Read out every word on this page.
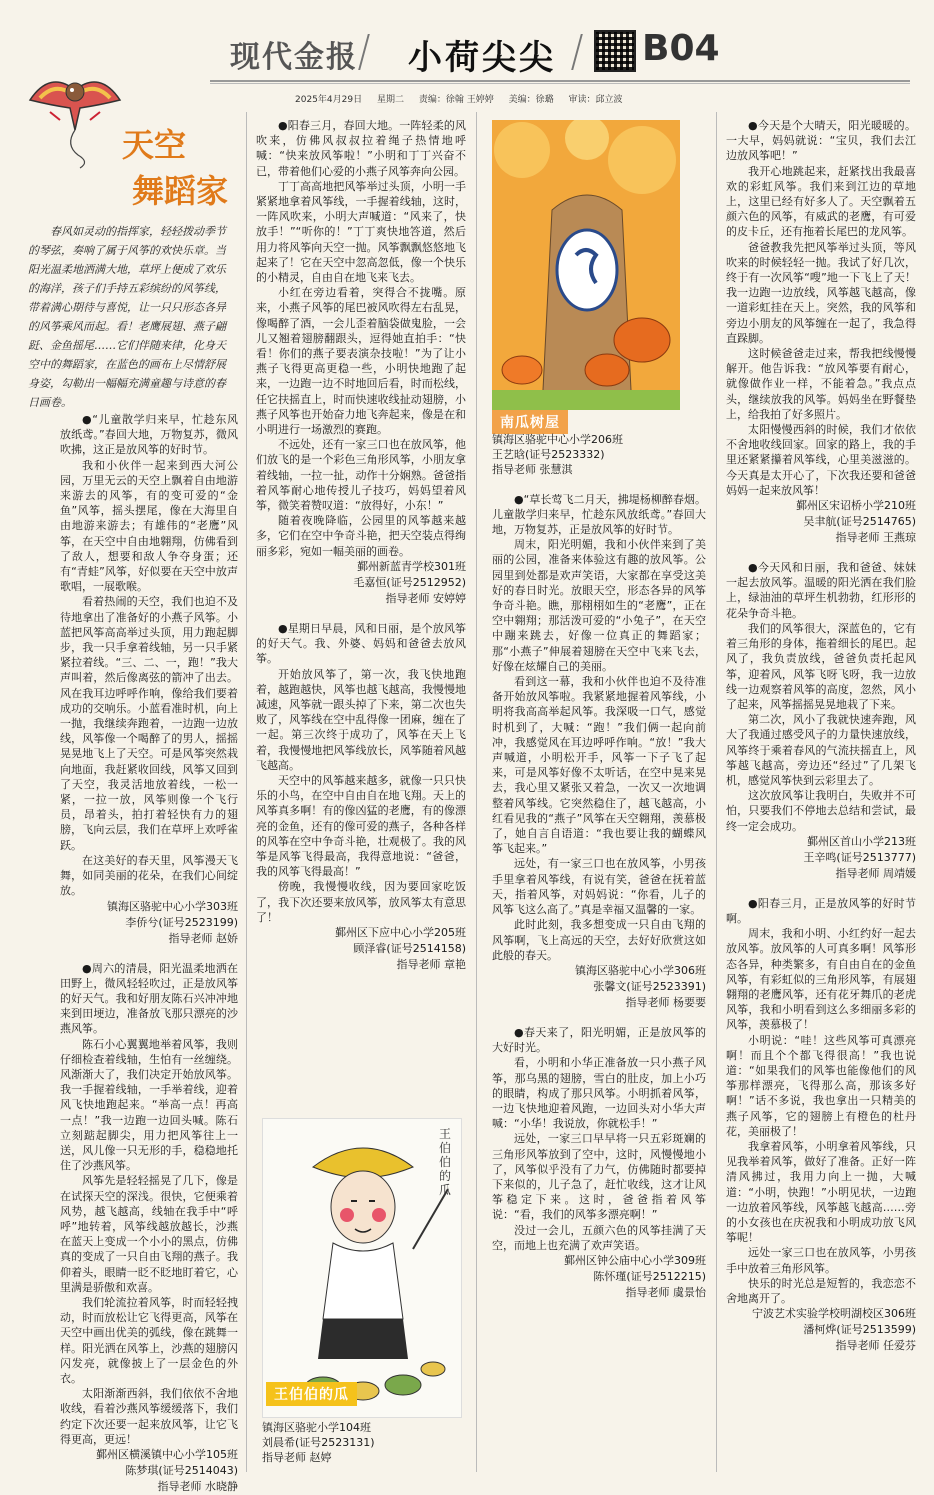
现代金报 小荷尖尖 B04
2025年4月29日 星期二 责编：徐翰 王婷婷 美编：徐璐 审读：邱立波
天空
舞蹈家
春风如灵动的指挥家，轻轻拨动季节的琴弦，奏响了属于风筝的欢快乐章。当阳光温柔地洒满大地，草坪上便成了欢乐的海洋，孩子们手持五彩缤纷的风筝线，带着满心期待与喜悦，让一只只形态各异的风筝乘风而起。看！老鹰展翅、燕子翩跹、金鱼摇尾……它们伴随来律，化身天空中的舞蹈家，在蓝色的画布上尽情舒展身姿，勾勒出一幅幅充满童趣与诗意的春日画卷。

●“儿童散学归来早，忙趁东风放纸鸢。”春回大地，万物复苏，微风吹拂，这正是放风筝的好时节。

我和小伙伴一起来到西大河公园，万里无云的天空上飘着自由地游来游去的风筝，有的变可爱的“金鱼”风筝，摇头摆尾，像在大海里自由地游来游去；有雄伟的“老鹰”风筝，在天空中自由地翱翔，仿佛看到了敌人，想要和敌人争夺身蛋；还有“青蛙”风筝，好似要在天空中放声歌唱，一展歌喉。

看着热闹的天空，我们也迫不及待地拿出了准备好的小燕子风筝。小蓝把风筝高高举过头顶，用力跑起脚步，我一只手拿着线轴，另一只手紧紧拉着线。“三、二、一，跑！”我大声叫着，然后像离弦的箭冲了出去。风在我耳边呼呼作响，像给我们要着成功的交响乐。小蓝看准时机，向上一抛，我继续奔跑着，一边跑一边放线，风筝像一个喝醉了的男人，摇摇晃晃地飞上了天空。可是风筝突然栽向地面，我赶紧收回线，风筝又回到了天空，我灵活地放着线，一松一紧，一拉一放，风筝则像一个飞行员，昂着头，拍打着轻快有力的翅膀，飞向云层，我们在草坪上欢呼雀跃。

在这美好的春天里，风筝漫天飞舞，如同美丽的花朵，在我们心间绽放。

镇海区骆驼中心小学303班
李侨兮(证号2523199)
指导老师 赵娇

●周六的清晨，阳光温柔地洒在田野上，微风轻轻吹过，正是放风筝的好天气。我和好朋友陈石兴冲冲地来到田埂边，准备放飞那只漂亮的沙燕风筝。

陈石小心翼翼地举着风筝，我则仔细检查着线轴，生怕有一丝缠绕。风渐渐大了，我们决定开始放风筝。我一手握着线轴，一手举着线，迎着风飞快地跑起来。“举高一点！再高一点！”我一边跑一边回头喊。陈石立刻踮起脚尖，用力把风筝往上一送，风儿像一只无形的手，稳稳地托住了沙燕风筝。

风筝先是轻轻摇晃了几下，像是在试探天空的深浅。很快，它便乘着风势，越飞越高，线轴在我手中“呼呼”地转着，风筝线越放越长，沙燕在蓝天上变成一个小小的黑点，仿佛真的变成了一只自由飞翔的燕子。我仰着头，眼睛一眨不眨地盯着它，心里满是骄傲和欢喜。

我们轮流拉着风筝，时而轻轻拽动，时而放松让它飞得更高，风筝在天空中画出优美的弧线，像在跳舞一样。阳光洒在风筝上，沙燕的翅膀闪闪发亮，就像披上了一层金色的外衣。

太阳渐渐西斜，我们依依不舍地收线，看着沙燕风筝缓缓落下，我们约定下次还要一起来放风筝，让它飞得更高，更远！

鄞州区横溪镇中心小学105班
陈梦琪(证号2514043)
指导老师 水晓静

●阳春三月，春回大地。一阵轻柔的风吹来，仿佛风叔叔拉着绳子热情地呼喊：“快来放风筝啦！”小明和丁丁兴奋不已，带着他们心爱的小燕子风筝奔向公园。

丁丁高高地把风筝举过头顶，小明一手紧紧地拿着风筝线，一手握着线轴，这时，一阵风吹来，小明大声喊道：“风来了，快放手！”“听你的！”丁丁爽快地答道，然后用力将风筝向天空一抛。风筝飘飘悠悠地飞起来了！它在天空中忽高忽低，像一个快乐的小精灵，自由自在地飞来飞去。

小红在旁边看着，突得合不拢嘴。原来，小燕子风筝的尾巴被风吹得左右乱晃，像喝醉了酒，一会儿歪着脑袋做鬼脸，一会儿又翘着翅膀翻跟头，逗得她直拍手：“快看！你们的燕子要表演杂技啦！”为了让小燕子飞得更高更稳一些，小明快地跑了起来，一边跑一边不时地回后看，时而松线，任它扶摇直上，时而快速收线扯动翅膀，小燕子风筝也开始奋力地飞奔起来，像是在和小明进行一场激烈的赛跑。

不远处，还有一家三口也在放风筝，他们放飞的是一个彩色三角形风筝，小朋友拿着线轴，一拉一扯，动作十分娴熟。爸爸指着风筝耐心地传授儿子技巧，妈妈望着风筝，微笑着赞叹道：“放得好，小东！”

随着夜晚降临，公园里的风筝越来越多，它们在空中争奇斗艳，把天空装点得绚丽多彩，宛如一幅美丽的画卷。

鄞州新蓝青学校301班
毛嘉恒(证号2512952)
指导老师 安婷婷

●星期日早晨，风和日丽，是个放风筝的好天气。我、外婆、妈妈和爸爸去放风筝。

开始放风筝了，第一次，我飞快地跑着，越跑越快，风筝也越飞越高，我慢慢地减速，风筝就一跟头掉了下来，第二次也失败了，风筝线在空中乱得像一团麻，缠在了一起。第三次终于成功了，风筝在天上飞着，我慢慢地把风筝线放长，风筝随着风越飞越高。

天空中的风筝越来越多，就像一只只快乐的小鸟，在空中自由自在地飞翔。天上的风筝真多啊！有的像凶猛的老鹰，有的像漂亮的金鱼，还有的像可爱的燕子，各种各样的风筝在空中争奇斗艳，壮观极了。我的风筝是风筝飞得最高，我得意地说：“爸爸，我的风筝飞得最高！”

傍晚，我慢慢收线，因为要回家吃饭了，我下次还要来放风筝，放风筝太有意思了！

鄞州区下应中心小学205班
顾泽睿(证号2514158)
指导老师 章艳
王伯伯的瓜
王伯伯的瓜
镇海区骆驼小学104班
刘晨希(证号2523131)
指导老师 赵婷
南瓜树屋
镇海区骆驼中心小学206班
王艺晗(证号2523332)
指导老师 张慧淇

●“草长莺飞二月天，拂堤杨柳醉春烟。儿童散学归来早，忙趁东风放纸鸢。”春回大地，万物复苏，正是放风筝的好时节。

周末，阳光明媚，我和小伙伴来到了美丽的公园，准备来体验这有趣的放风筝。公园里到处都是欢声笑语，大家都在享受这美好的春日时光。放眼天空，形态各异的风筝争奇斗艳。瞧，那栩栩如生的“老鹰”，正在空中翱翔；那活泼可爱的“小兔子”，在天空中蹦来跳去，好像一位真正的舞蹈家；那“小燕子”伸展着翅膀在天空中飞来飞去，好像在炫耀自己的美丽。

看到这一幕，我和小伙伴也迫不及待准备开始放风筝啦。我紧紧地握着风筝线，小明将我高高举起风筝。我深吸一口气，感觉时机到了，大喊：“跑！”我们俩一起向前冲，我感觉风在耳边呼呼作响。“放！”我大声喊道，小明松开手，风筝一下子飞了起来，可是风筝好像不太听话，在空中晃来晃去，我心里又紧张又着急，一次又一次地调整着风筝线。它突然稳住了，越飞越高，小红看见我的“燕子”风筝在天空翱翔，羡慕极了，她自言自语道：“我也要让我的蝴蝶风筝飞起来。”

远处，有一家三口也在放风筝，小男孩手里拿着风筝线，有说有笑，爸爸在抚着蓝天，指着风筝，对妈妈说：“你看，儿子的风筝飞这么高了。”真是幸福又温馨的一家。

此时此刻，我多想变成一只自由飞翔的风筝啊，飞上高远的天空，去好好欣赏这如此般的春天。

镇海区骆驼中心小学306班
张馨文(证号2523391)
指导老师 杨要要

●春天来了，阳光明媚，正是放风筝的大好时光。

看，小明和小华正准备放一只小燕子风筝，那乌黑的翅膀，雪白的肚皮，加上小巧的眼睛，构成了那只风筝。小明抓着风筝，一边飞快地迎着风跑，一边回头对小华大声喊：“小华！我说放，你就松手！”

远处，一家三口早早将一只五彩斑斓的三角形风筝放到了空中，这时，风慢慢地小了，风筝似乎没有了力气，仿佛随时都要掉下来似的，儿子急了，赶忙收线，这才让风筝稳定下来。这时，爸爸指着风筝说：“看，我们的风筝多漂亮啊！”

没过一会儿，五颜六色的风筝挂满了天空，而地上也充满了欢声笑语。

鄞州区钟公庙中心小学309班
陈怀瑾(证号2512215)
指导老师 虞景怡

●今天是个大晴天，阳光暖暖的。一大早，妈妈就说：“宝贝，我们去江边放风筝吧！”

我开心地跳起来，赶紧找出我最喜欢的彩虹风筝。我们来到江边的草地上，这里已经有好多人了。天空飘着五颜六色的风筝，有威武的老鹰，有可爱的皮卡丘，还有拖着长尾巴的龙风筝。

爸爸教我先把风筝举过头顶，等风吹来的时候轻轻一抛。我试了好几次，终于有一次风筝“嗖”地一下飞上了天！我一边跑一边放线，风筝越飞越高，像一道彩虹挂在天上。突然，我的风筝和旁边小朋友的风筝缠在一起了，我急得直跺脚。

这时候爸爸走过来，帮我把线慢慢解开。他告诉我：“放风筝要有耐心，就像做作业一样，不能着急。”我点点头，继续放我的风筝。妈妈坐在野餐垫上，给我拍了好多照片。

太阳慢慢西斜的时候，我们才依依不舍地收线回家。回家的路上，我的手里还紧紧攥着风筝线，心里美滋滋的。今天真是太开心了，下次我还要和爸爸妈妈一起来放风筝！

鄞州区宋诏桥小学210班
吴聿航(证号2514765)
指导老师 王燕琼

●今天风和日丽，我和爸爸、妹妹一起去放风筝。温暖的阳光洒在我们脸上，绿油油的草坪生机勃勃，红形形的花朵争奇斗艳。

我们的风筝很大，深蓝色的，它有着三角形的身体，拖着细长的尾巴。起风了，我负责放线，爸爸负责托起风筝，迎着风，风筝飞呀飞呀，我一边放线一边观察着风筝的高度，忽然，风小了起来，风筝摇摇晃晃地栽了下来。

第二次，风小了我就快速奔跑，风大了我通过感受风子的力量快速放线，风筝终于乘着春风的气流扶摇直上，风筝越飞越高，旁边还“经过”了几架飞机，感觉风筝快到云彩里去了。

这次放风筝让我明白，失败并不可怕，只要我们不停地去总结和尝试，最终一定会成功。

鄞州区首山小学213班
王辛鸣(证号2513777)
指导老师 周靖媛

●阳春三月，正是放风筝的好时节啊。

周末，我和小明、小红约好一起去放风筝。放风筝的人可真多啊！风筝形态各异，种类繁多，有自由自在的金鱼风筝，有彩虹似的三角形风筝，有展翅翱翔的老鹰风筝，还有花牙舞爪的老虎风筝，我和小明看到这么多细丽多彩的风筝，羡慕极了！

小明说：“哇！这些风筝可真漂亮啊！而且个个都飞得很高！”我也说道：“如果我们的风筝也能像他们的风筝那样漂亮，飞得那么高，那该多好啊！”话不多说，我也拿出一只精美的燕子风筝，它的翅膀上有橙色的杜丹花，美丽极了！

我拿着风筝，小明拿着风筝线，只见我举着风筝，做好了准备。正好一阵清风拂过，我用力向上一抛，大喊道：“小明，快跑！”小明见状，一边跑一边放着风筝线，风筝越飞越高……旁的小女孩也在庆祝我和小明成功放飞风筝呢！

远处一家三口也在放风筝，小男孩手中放着三角形风筝。

快乐的时光总是短暂的，我恋恋不舍地离开了。

宁波艺术实验学校明湖校区306班
潘柯烨(证号2513599)
指导老师 任爱芬
